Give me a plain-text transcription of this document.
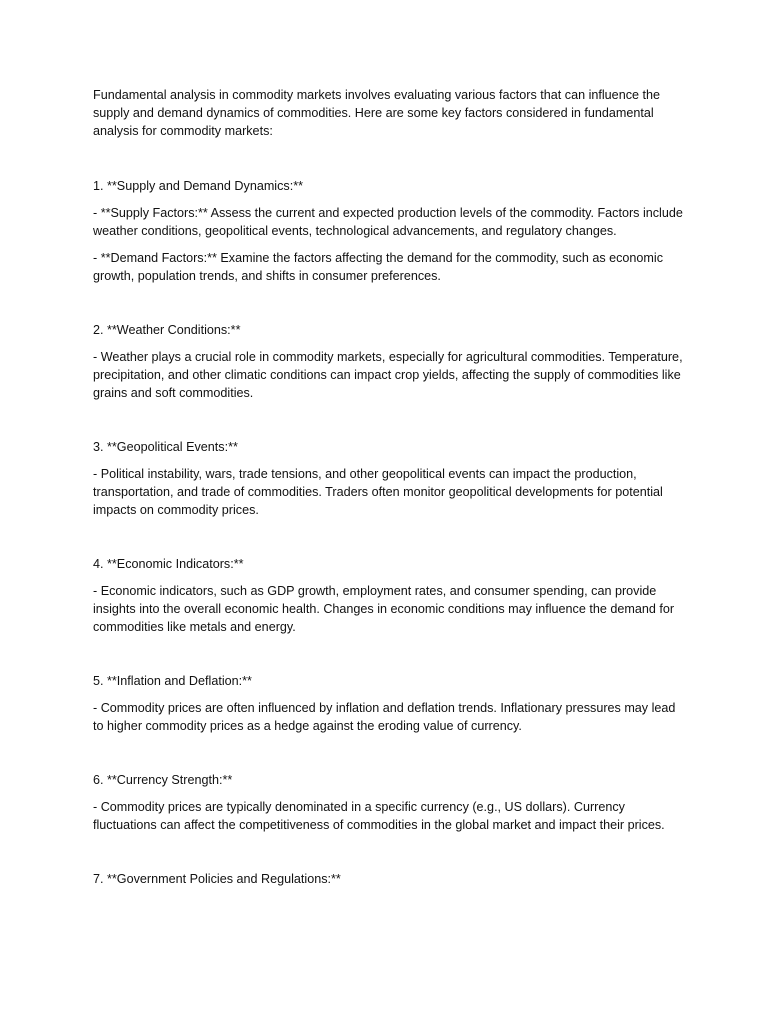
Fundamental analysis in commodity markets involves evaluating various factors that can influence the supply and demand dynamics of commodities. Here are some key factors considered in fundamental analysis for commodity markets:

1. **Supply and Demand Dynamics:**

- **Supply Factors:** Assess the current and expected production levels of the commodity. Factors include weather conditions, geopolitical events, technological advancements, and regulatory changes.

- **Demand Factors:** Examine the factors affecting the demand for the commodity, such as economic growth, population trends, and shifts in consumer preferences.

2. **Weather Conditions:**

- Weather plays a crucial role in commodity markets, especially for agricultural commodities. Temperature, precipitation, and other climatic conditions can impact crop yields, affecting the supply of commodities like grains and soft commodities.

3. **Geopolitical Events:**

- Political instability, wars, trade tensions, and other geopolitical events can impact the production, transportation, and trade of commodities. Traders often monitor geopolitical developments for potential impacts on commodity prices.

4. **Economic Indicators:**

- Economic indicators, such as GDP growth, employment rates, and consumer spending, can provide insights into the overall economic health. Changes in economic conditions may influence the demand for commodities like metals and energy.

5. **Inflation and Deflation:**

- Commodity prices are often influenced by inflation and deflation trends. Inflationary pressures may lead to higher commodity prices as a hedge against the eroding value of currency.

6. **Currency Strength:**

- Commodity prices are typically denominated in a specific currency (e.g., US dollars). Currency fluctuations can affect the competitiveness of commodities in the global market and impact their prices.

7. **Government Policies and Regulations:**
